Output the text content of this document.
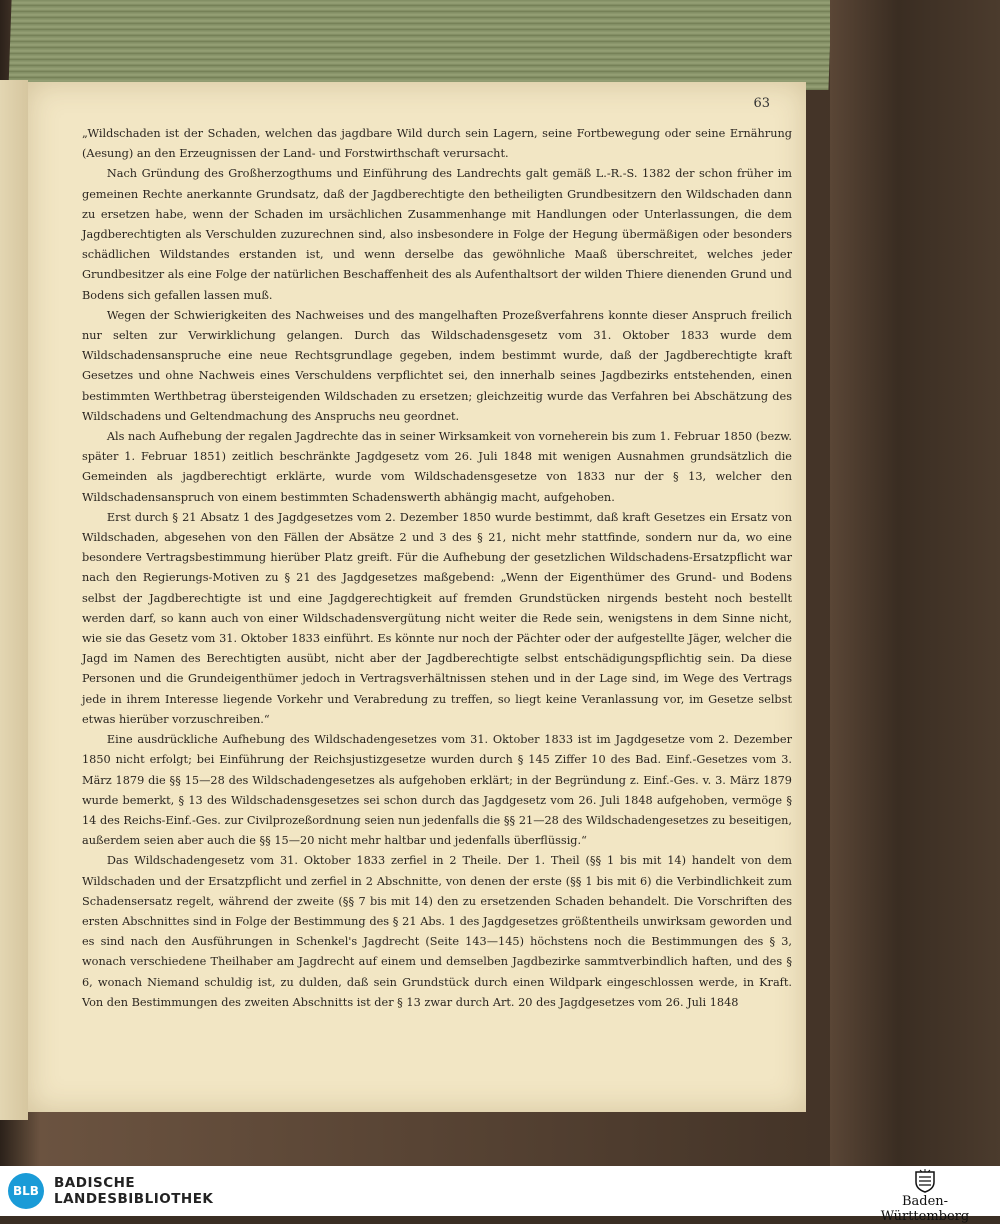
63

„Wildschaden ist der Schaden, welchen das jagdbare Wild durch sein Lagern, seine Fortbewegung oder seine Ernährung (Aesung) an den Erzeugnissen der Land- und Forstwirthschaft verursacht.

Nach Gründung des Großherzogthums und Einführung des Landrechts galt gemäß L.-R.-S. 1382 der schon früher im gemeinen Rechte anerkannte Grundsatz, daß der Jagdberechtigte den betheiligten Grundbesitzern den Wildschaden dann zu ersetzen habe, wenn der Schaden im ursächlichen Zusammenhange mit Handlungen oder Unterlassungen, die dem Jagdberechtigten als Verschulden zuzurechnen sind, also insbesondere in Folge der Hegung übermäßigen oder besonders schädlichen Wildstandes erstanden ist, und wenn derselbe das gewöhnliche Maaß überschreitet, welches jeder Grundbesitzer als eine Folge der natürlichen Beschaffenheit des als Aufenthaltsort der wilden Thiere dienenden Grund und Bodens sich gefallen lassen muß.

Wegen der Schwierigkeiten des Nachweises und des mangelhaften Prozeßverfahrens konnte dieser Anspruch freilich nur selten zur Verwirklichung gelangen. Durch das Wildschadensgesetz vom 31. Oktober 1833 wurde dem Wildschadensanspruche eine neue Rechtsgrundlage gegeben, indem bestimmt wurde, daß der Jagdberechtigte kraft Gesetzes und ohne Nachweis eines Verschuldens verpflichtet sei, den innerhalb seines Jagdbezirks entstehenden, einen bestimmten Werthbetrag übersteigenden Wildschaden zu ersetzen; gleichzeitig wurde das Verfahren bei Abschätzung des Wildschadens und Geltendmachung des Anspruchs neu geordnet.

Als nach Aufhebung der regalen Jagdrechte das in seiner Wirksamkeit von vorneherein bis zum 1. Februar 1850 (bezw. später 1. Februar 1851) zeitlich beschränkte Jagdgesetz vom 26. Juli 1848 mit wenigen Ausnahmen grundsätzlich die Gemeinden als jagdberechtigt erklärte, wurde vom Wildschadensgesetze von 1833 nur der § 13, welcher den Wildschadensanspruch von einem bestimmten Schadenswerth abhängig macht, aufgehoben.

Erst durch § 21 Absatz 1 des Jagdgesetzes vom 2. Dezember 1850 wurde bestimmt, daß kraft Gesetzes ein Ersatz von Wildschaden, abgesehen von den Fällen der Absätze 2 und 3 des § 21, nicht mehr stattfinde, sondern nur da, wo eine besondere Vertragsbestimmung hierüber Platz greift. Für die Aufhebung der gesetzlichen Wildschadens-Ersatzpflicht war nach den Regierungs-Motiven zu § 21 des Jagdgesetzes maßgebend: „Wenn der Eigenthümer des Grund- und Bodens selbst der Jagdberechtigte ist und eine Jagdgerechtigkeit auf fremden Grundstücken nirgends besteht noch bestellt werden darf, so kann auch von einer Wildschadensvergütung nicht weiter die Rede sein, wenigstens in dem Sinne nicht, wie sie das Gesetz vom 31. Oktober 1833 einführt. Es könnte nur noch der Pächter oder der aufgestellte Jäger, welcher die Jagd im Namen des Berechtigten ausübt, nicht aber der Jagdberechtigte selbst entschädigungspflichtig sein. Da diese Personen und die Grundeigenthümer jedoch in Vertragsverhältnissen stehen und in der Lage sind, im Wege des Vertrags jede in ihrem Interesse liegende Vorkehr und Verabredung zu treffen, so liegt keine Veranlassung vor, im Gesetze selbst etwas hierüber vorzuschreiben.“

Eine ausdrückliche Aufhebung des Wildschadengesetzes vom 31. Oktober 1833 ist im Jagdgesetze vom 2. Dezember 1850 nicht erfolgt; bei Einführung der Reichsjustizgesetze wurden durch § 145 Ziffer 10 des Bad. Einf.-Gesetzes vom 3. März 1879 die §§ 15—28 des Wildschadengesetzes als aufgehoben erklärt; in der Begründung z. Einf.-Ges. v. 3. März 1879 wurde bemerkt, § 13 des Wildschadensgesetzes sei schon durch das Jagdgesetz vom 26. Juli 1848 aufgehoben, vermöge § 14 des Reichs-Einf.-Ges. zur Civilprozeßordnung seien nun jedenfalls die §§ 21—28 des Wildschadengesetzes zu beseitigen, außerdem seien aber auch die §§ 15—20 nicht mehr haltbar und jedenfalls überflüssig.“

Das Wildschadengesetz vom 31. Oktober 1833 zerfiel in 2 Theile. Der 1. Theil (§§ 1 bis mit 14) handelt von dem Wildschaden und der Ersatzpflicht und zerfiel in 2 Abschnitte, von denen der erste (§§ 1 bis mit 6) die Verbindlichkeit zum Schadensersatz regelt, während der zweite (§§ 7 bis mit 14) den zu ersetzenden Schaden behandelt. Die Vorschriften des ersten Abschnittes sind in Folge der Bestimmung des § 21 Abs. 1 des Jagdgesetzes größtentheils unwirksam geworden und es sind nach den Ausführungen in Schenkel's Jagdrecht (Seite 143—145) höchstens noch die Bestimmungen des § 3, wonach verschiedene Theilhaber am Jagdrecht auf einem und demselben Jagdbezirke sammtverbindlich haften, und des § 6, wonach Niemand schuldig ist, zu dulden, daß sein Grundstück durch einen Wildpark eingeschlossen werde, in Kraft. Von den Bestimmungen des zweiten Abschnitts ist der § 13 zwar durch Art. 20 des Jagdgesetzes vom 26. Juli 1848

BLB BADISCHE
LANDESBIBLIOTHEK	Baden-Württemberg
